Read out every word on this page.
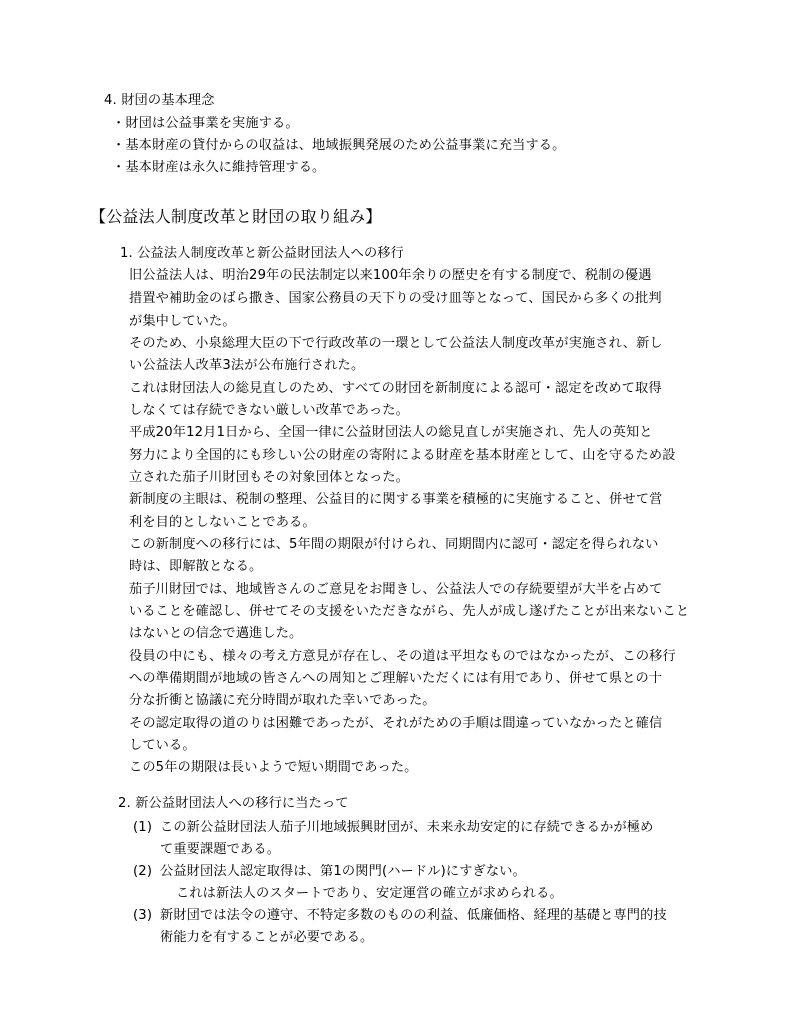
4. 財団の基本理念
・財団は公益事業を実施する。
・基本財産の貸付からの収益は、地域振興発展のため公益事業に充当する。
・基本財産は永久に維持管理する。
【公益法人制度改革と財団の取り組み】
1. 公益法人制度改革と新公益財団法人への移行
旧公益法人は、明治29年の民法制定以来100年余りの歴史を有する制度で、税制の優遇
措置や補助金のばら撒き、国家公務員の天下りの受け皿等となって、国民から多くの批判
が集中していた。
そのため、小泉総理大臣の下で行政改革の一環として公益法人制度改革が実施され、新し
い公益法人改革3法が公布施行された。
これは財団法人の総見直しのため、すべての財団を新制度による認可・認定を改めて取得
しなくては存続できない厳しい改革であった。
平成20年12月1日から、全国一律に公益財団法人の総見直しが実施され、先人の英知と
努力により全国的にも珍しい公の財産の寄附による財産を基本財産として、山を守るため設
立された茄子川財団もその対象団体となった。
新制度の主眼は、税制の整理、公益目的に関する事業を積極的に実施すること、併せて営
利を目的としないことである。
この新制度への移行には、5年間の期限が付けられ、同期間内に認可・認定を得られない
時は、即解散となる。
茄子川財団では、地域皆さんのご意見をお聞きし、公益法人での存続要望が大半を占めて
いることを確認し、併せてその支援をいただきながら、先人が成し遂げたことが出来ないこと
はないとの信念で邁進した。
役員の中にも、様々の考え方意見が存在し、その道は平坦なものではなかったが、この移行
への準備期間が地域の皆さんへの周知とご理解いただくには有用であり、併せて県との十
分な折衝と協議に充分時間が取れた幸いであった。
その認定取得の道のりは困難であったが、それがための手順は間違っていなかったと確信
している。
この5年の期限は長いようで短い期間であった。
2. 新公益財団法人への移行に当たって
(1) この新公益財団法人茄子川地域振興財団が、未来永劫安定的に存続できるかが極め
て重要課題である。
(2) 公益財団法人認定取得は、第1の関門(ハードル)にすぎない。
これは新法人のスタートであり、安定運営の確立が求められる。
(3) 新財団では法令の遵守、不特定多数のものの利益、低廉価格、経理的基礎と専門的技
術能力を有することが必要である。
